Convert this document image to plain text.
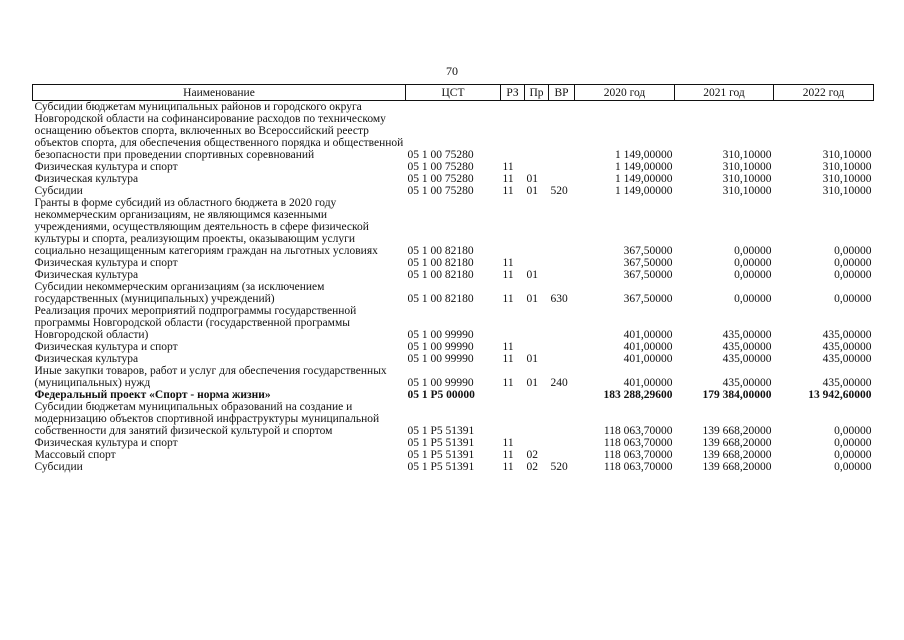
70
Наименование	ЦСТ	РЗ	Пр	ВР	2020 год	2021 год	2022 год
Субсидии бюджетам муниципальных районов и городского округа Новгородской области на софинансирование расходов по техническому оснащению объектов спорта, включенных во Всероссийский реестр объектов спорта, для обеспечения общественного порядка и общественной безопасности при проведении спортивных соревнований	05 1 00 75280				1 149,00000	310,10000	310,10000
Физическая культура и спорт	05 1 00 75280	11			1 149,00000	310,10000	310,10000
Физическая культура	05 1 00 75280	11	01		1 149,00000	310,10000	310,10000
Субсидии	05 1 00 75280	11	01	520	1 149,00000	310,10000	310,10000
Гранты в форме субсидий из областного бюджета в 2020 году некоммерческим организациям, не являющимся казенными учреждениями, осуществляющим деятельность в сфере физической культуры и спорта, реализующим проекты, оказывающим услуги социально незащищенным категориям граждан на льготных условиях	05 1 00 82180				367,50000	0,00000	0,00000
Физическая культура и спорт	05 1 00 82180	11			367,50000	0,00000	0,00000
Физическая культура	05 1 00 82180	11	01		367,50000	0,00000	0,00000
Субсидии некоммерческим организациям (за исключением государственных (муниципальных) учреждений)	05 1 00 82180	11	01	630	367,50000	0,00000	0,00000
Реализация прочих мероприятий подпрограммы государственной программы Новгородской области (государственной программы Новгородской области)	05 1 00 99990				401,00000	435,00000	435,00000
Физическая культура и спорт	05 1 00 99990	11			401,00000	435,00000	435,00000
Физическая культура	05 1 00 99990	11	01		401,00000	435,00000	435,00000
Иные закупки товаров, работ и услуг для обеспечения государственных (муниципальных) нужд	05 1 00 99990	11	01	240	401,00000	435,00000	435,00000
Федеральный проект «Спорт - норма жизни»	05 1 P5 00000				183 288,29600	179 384,00000	13 942,60000
Субсидии бюджетам муниципальных образований на создание и модернизацию объектов спортивной инфраструктуры муниципальной собственности для занятий физической культурой и спортом	05 1 P5 51391				118 063,70000	139 668,20000	0,00000
Физическая культура и спорт	05 1 P5 51391	11			118 063,70000	139 668,20000	0,00000
Массовый спорт	05 1 P5 51391	11	02		118 063,70000	139 668,20000	0,00000
Субсидии	05 1 P5 51391	11	02	520	118 063,70000	139 668,20000	0,00000
